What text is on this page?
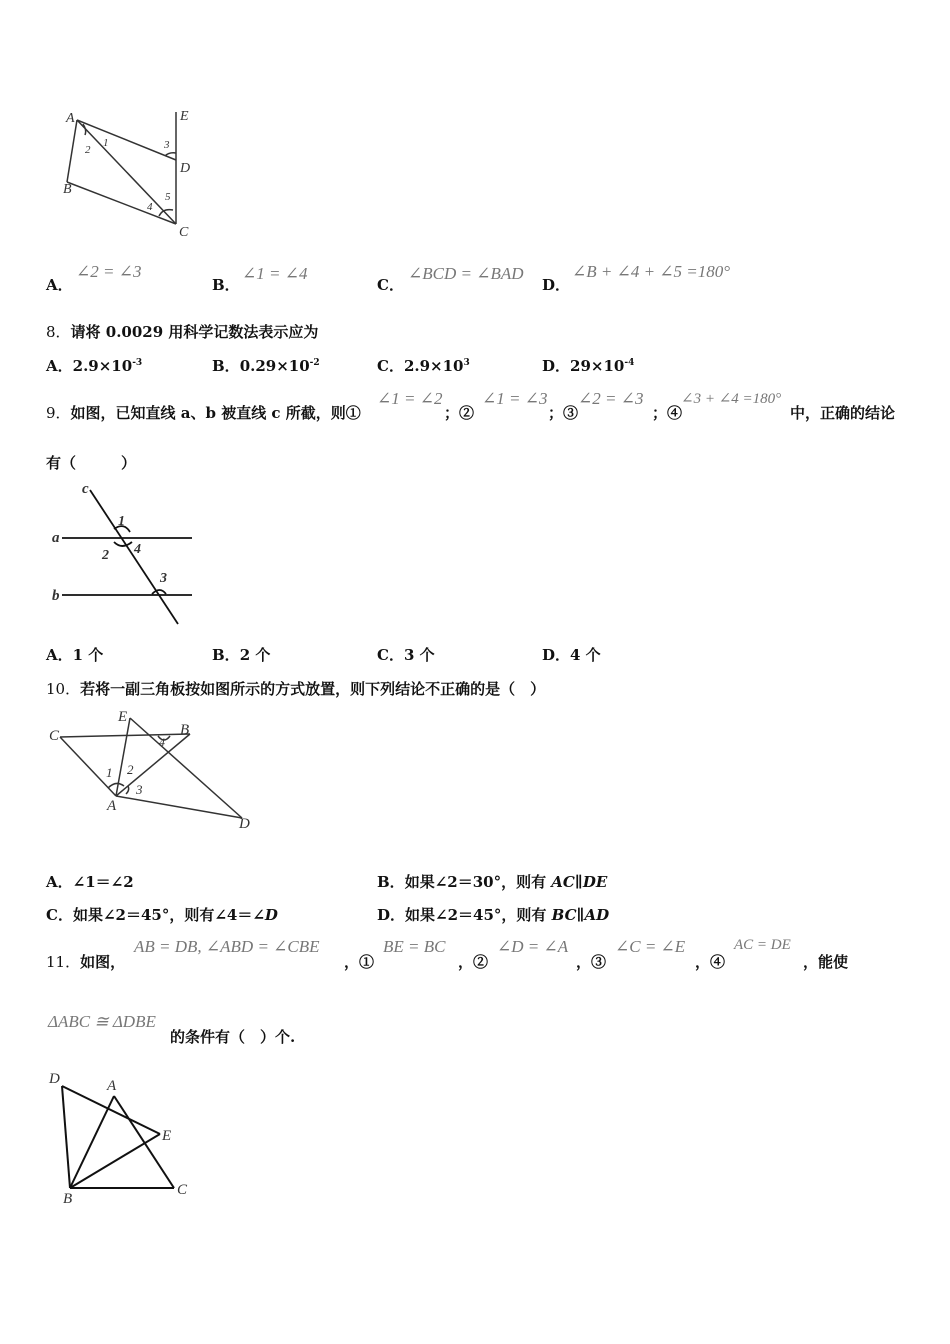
A	E
B
D
C
1
2	3
4
5
A．
∠2 = ∠3
B．
∠1 = ∠4
C．
∠BCD = ∠BAD
D．
∠B + ∠4 + ∠5 =180°
8．请将 0.0029 用科学记数法表示应为
A．$2.9\times 10^{-3}$	B．$0.29\times 10^{-2}$	C．$2.9\times 10^3$	D．$29\times 10^{-4}$
9．如图，已知直线 a、b 被直线 c 所截，则①
∠1 = ∠2
；②
∠1 = ∠3
；③
∠2 = ∠3
；④
∠3 + ∠4 =180°
中，正确的结论
有（　　　）
c
a
b
1
2 4
3
A．1 个	B．2 个	C．3 个	D．4 个
10．若将一副三角板按如图所示的方式放置，则下列结论不正确的是（　）
C
E
B
A
D
1 2
3
4
A．∠1＝∠2	B．如果∠2＝30°，则有 AC∥DE
C．如果∠2＝45°，则有∠4＝∠D	D．如果∠2＝45°，则有 BC∥AD
11．如图，
AB = DB, ∠ABD = ∠CBE
，①
BE = BC
，②
∠D = ∠A
，③
∠C = ∠E
，④
AC = DE
，能使
ΔABC ≅ ΔDBE
的条件有（　）个.
D	A
E
B
C
